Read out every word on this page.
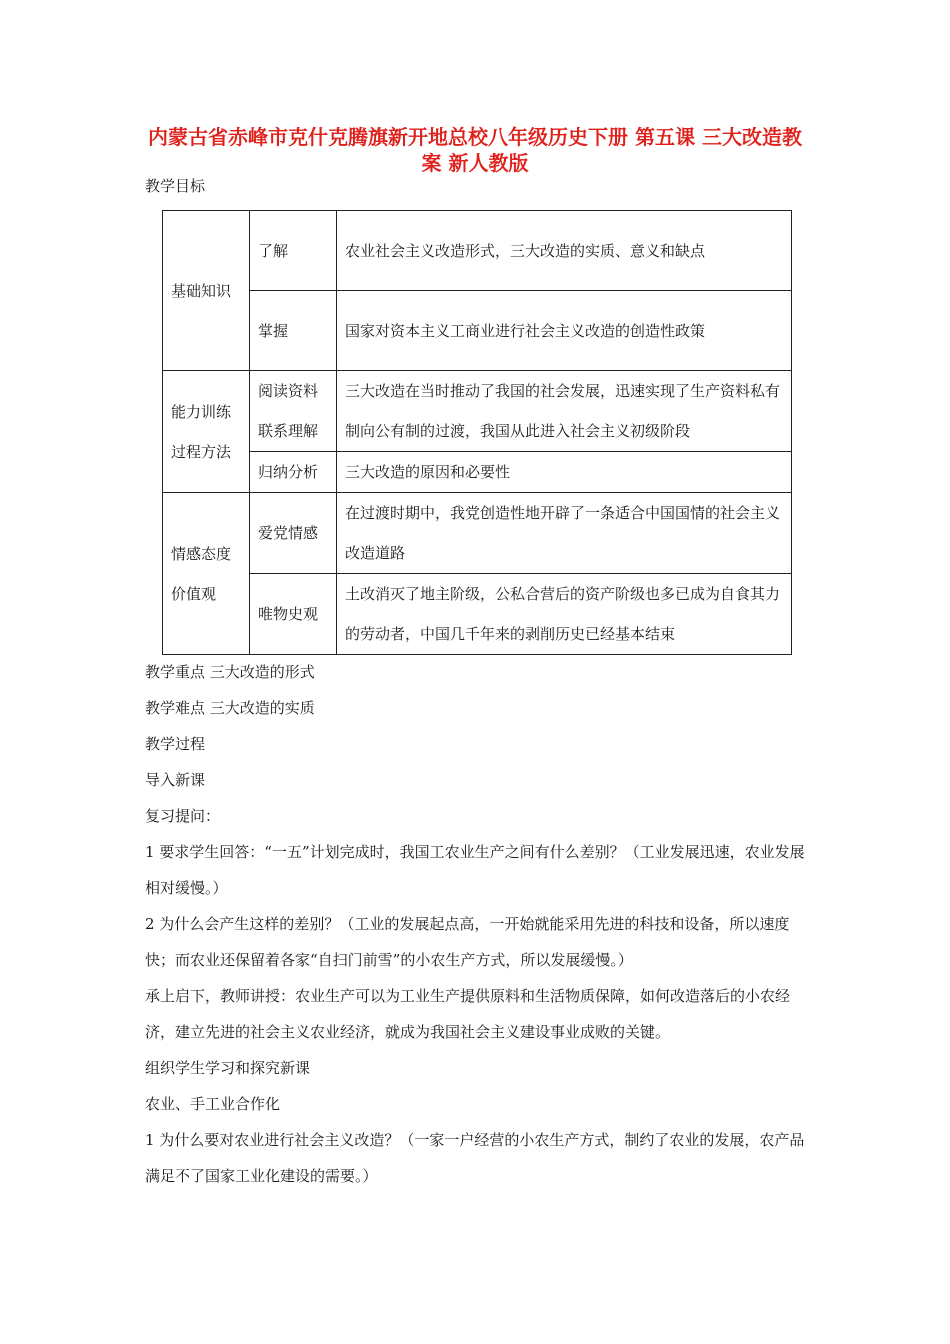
内蒙古省赤峰市克什克腾旗新开地总校八年级历史下册 第五课 三大改造教案 新人教版
教学目标
基础知识	了解	农业社会主义改造形式，三大改造的实质、意义和缺点
	掌握	国家对资本主义工商业进行社会主义改造的创造性政策
能力训练过程方法	阅读资料联系理解	三大改造在当时推动了我国的社会发展，迅速实现了生产资料私有制向公有制的过渡，我国从此进入社会主义初级阶段
	归纳分析	三大改造的原因和必要性
情感态度价值观	爱党情感	在过渡时期中，我党创造性地开辟了一条适合中国国情的社会主义改造道路
	唯物史观	土改消灭了地主阶级，公私合营后的资产阶级也多已成为自食其力的劳动者，中国几千年来的剥削历史已经基本结束

教学重点 三大改造的形式

教学难点 三大改造的实质

教学过程

导入新课

复习提问：

1 要求学生回答：“一五”计划完成时，我国工农业生产之间有什么差别？（工业发展迅速，农业发展相对缓慢。）

2 为什么会产生这样的差别？（工业的发展起点高，一开始就能采用先进的科技和设备，所以速度快；而农业还保留着各家“自扫门前雪”的小农生产方式，所以发展缓慢。）

承上启下，教师讲授：农业生产可以为工业生产提供原料和生活物质保障，如何改造落后的小农经济，建立先进的社会主义农业经济，就成为我国社会主义建设事业成败的关键。

组织学生学习和探究新课

农业、手工业合作化

1 为什么要对农业进行社会主义改造？（一家一户经营的小农生产方式，制约了农业的发展，农产品满足不了国家工业化建设的需要。）
